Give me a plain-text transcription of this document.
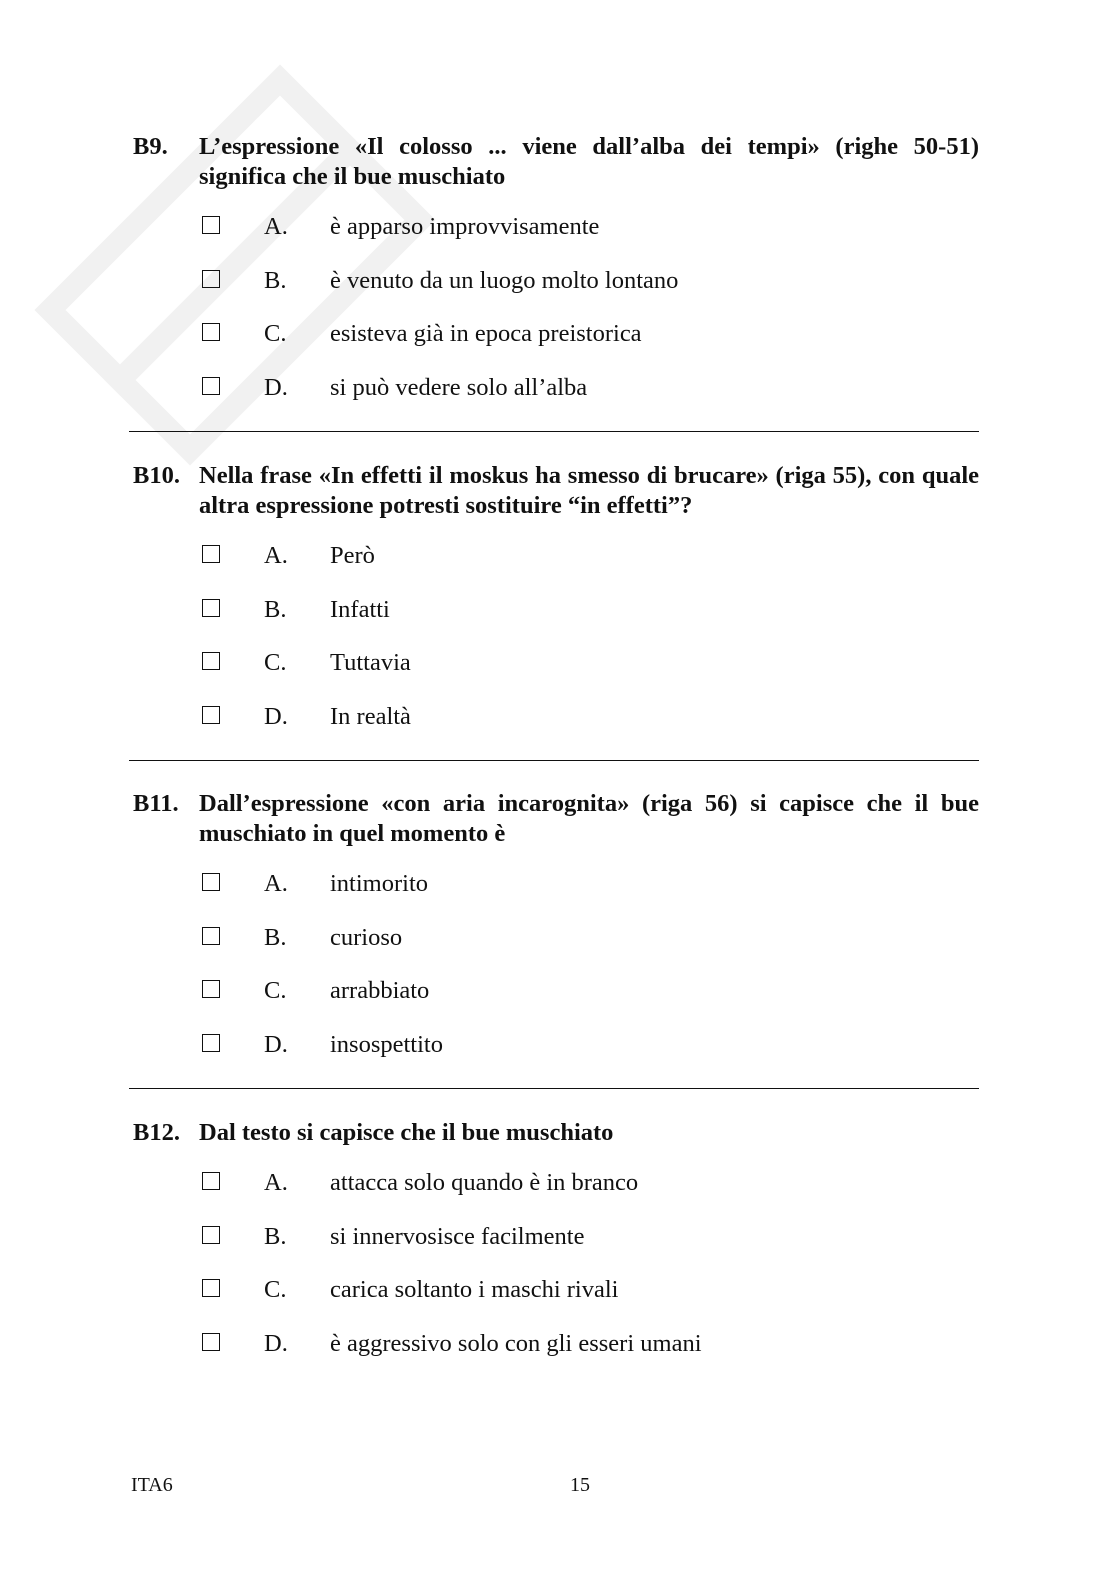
B9. L’espressione «Il colosso ... viene dall’alba dei tempi» (righe 50-51) significa che il bue muschiato
A. è apparso improvvisamente
B. è venuto da un luogo molto lontano
C. esisteva già in epoca preistorica
D. si può vedere solo all’alba
B10. Nella frase «In effetti il moskus ha smesso di brucare» (riga 55), con quale altra espressione potresti sostituire “in effetti”?
A. Però
B. Infatti
C. Tuttavia
D. In realtà
B11. Dall’espressione «con aria incarognita» (riga 56) si capisce che il bue muschiato in quel momento è
A. intimorito
B. curioso
C. arrabbiato
D. insospettito
B12. Dal testo si capisce che il bue muschiato
A. attacca solo quando è in branco
B. si innervosisce facilmente
C. carica soltanto i maschi rivali
D. è aggressivo solo con gli esseri umani
ITA6	15
